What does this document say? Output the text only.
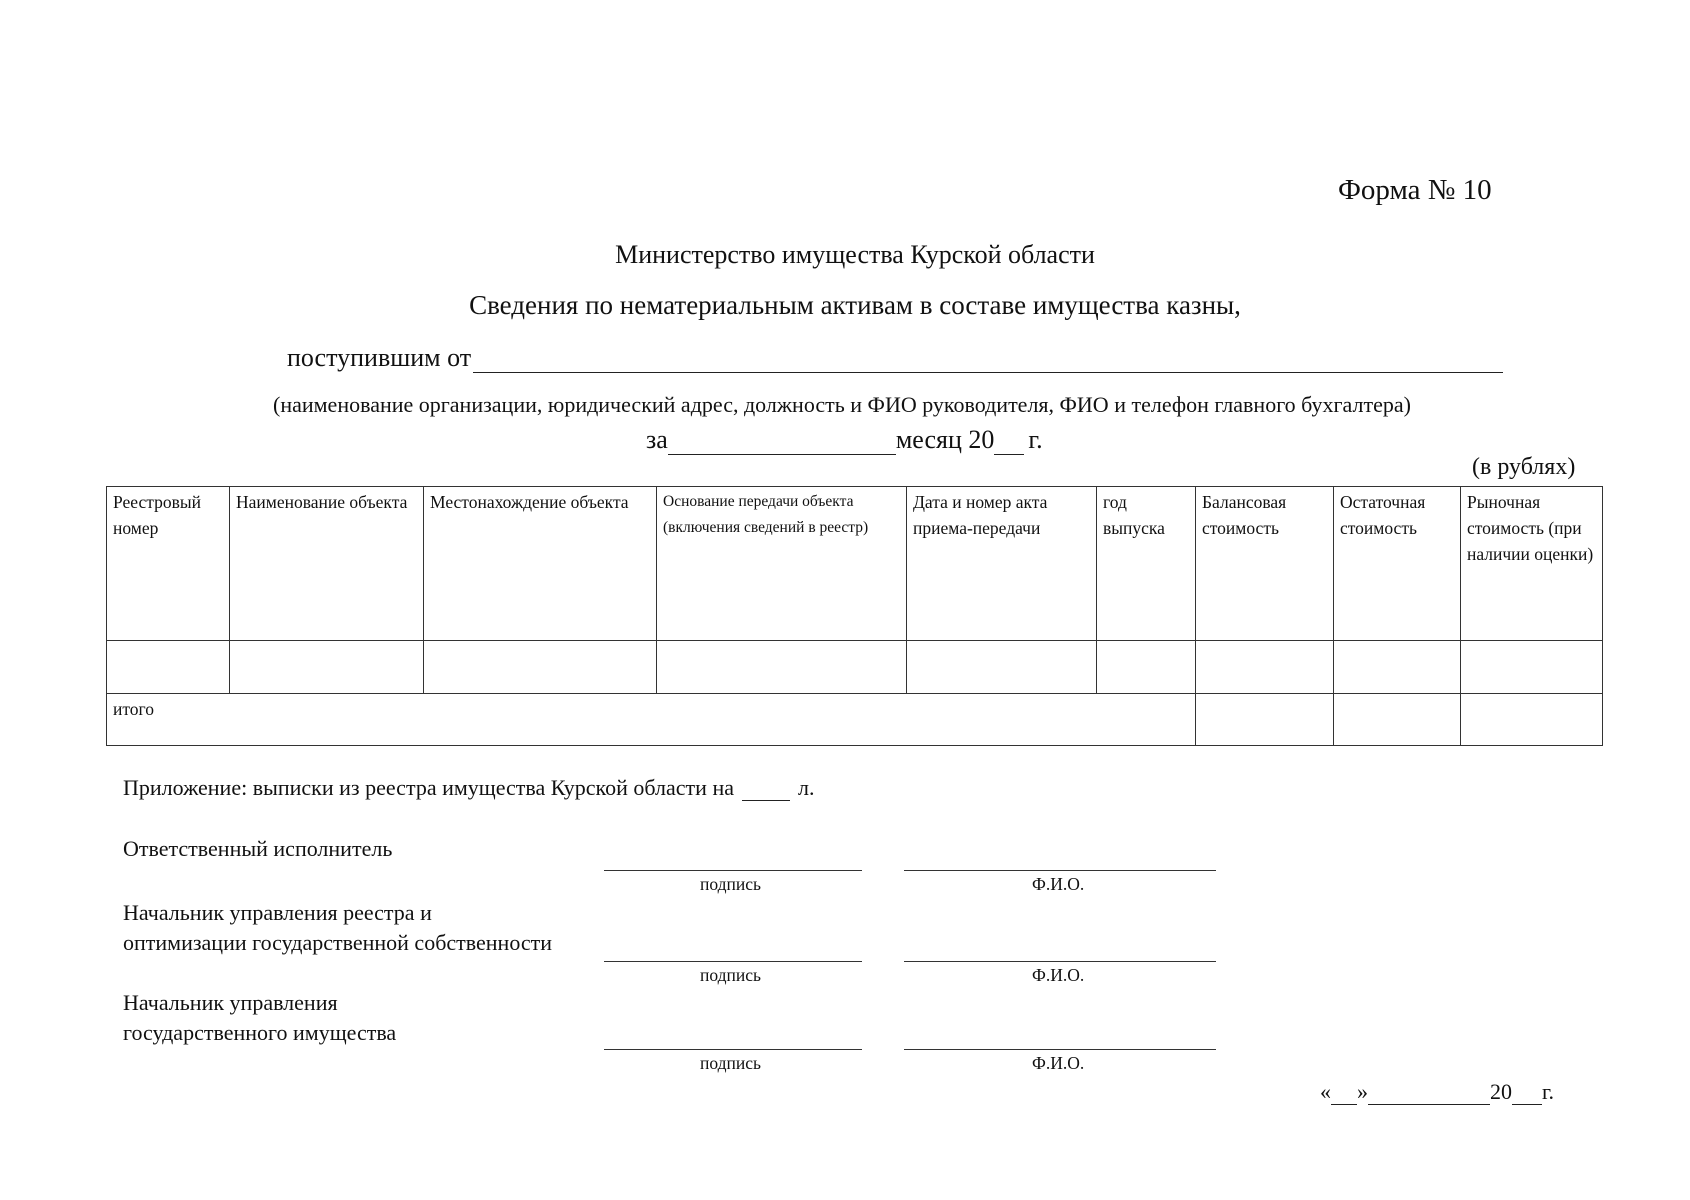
Форма № 10
Министерство имущества Курской области
Сведения по нематериальным активам в составе имущества казны,
поступившим от
(наименование организации, юридический адрес, должность и ФИО руководителя, ФИО и телефон главного бухгалтера)
за	месяц 20 г.
(в рублях)
Реестровый номер	Наименование объекта	Местонахождение объекта	Основание передачи объекта (включения сведений в реестр)	Дата и номер акта приема-передачи	год выпуска	Балансовая стоимость	Остаточная стоимость	Рыночная стоимость (при наличии оценки)

итого								
Приложение: выписки из реестра имущества Курской области на	л.
Ответственный исполнитель
подпись	Ф.И.О.
Начальник управления реестра и
оптимизации государственной собственности
подпись	Ф.И.О.
Начальник управления
государственного имущества
подпись	Ф.И.О.
« »	20 г.
